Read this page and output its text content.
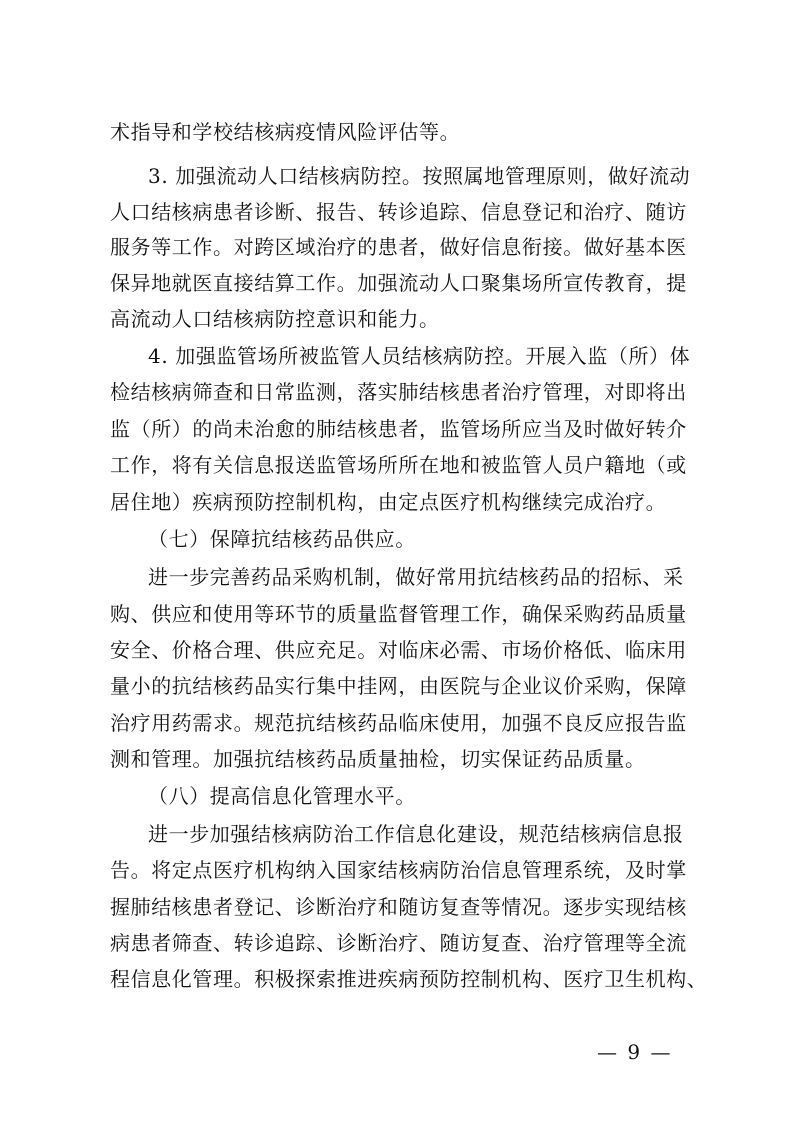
术指导和学校结核病疫情风险评估等。
3. 加强流动人口结核病防控。按照属地管理原则，做好流动
人口结核病患者诊断、报告、转诊追踪、信息登记和治疗、随访
服务等工作。对跨区域治疗的患者，做好信息衔接。做好基本医
保异地就医直接结算工作。加强流动人口聚集场所宣传教育，提
高流动人口结核病防控意识和能力。
4. 加强监管场所被监管人员结核病防控。开展入监（所）体
检结核病筛查和日常监测，落实肺结核患者治疗管理，对即将出
监（所）的尚未治愈的肺结核患者，监管场所应当及时做好转介
工作，将有关信息报送监管场所所在地和被监管人员户籍地（或
居住地）疾病预防控制机构，由定点医疗机构继续完成治疗。
（七）保障抗结核药品供应。
进一步完善药品采购机制，做好常用抗结核药品的招标、采
购、供应和使用等环节的质量监督管理工作，确保采购药品质量
安全、价格合理、供应充足。对临床必需、市场价格低、临床用
量小的抗结核药品实行集中挂网，由医院与企业议价采购，保障
治疗用药需求。规范抗结核药品临床使用，加强不良反应报告监
测和管理。加强抗结核药品质量抽检，切实保证药品质量。
（八）提高信息化管理水平。
进一步加强结核病防治工作信息化建设，规范结核病信息报
告。将定点医疗机构纳入国家结核病防治信息管理系统，及时掌
握肺结核患者登记、诊断治疗和随访复查等情况。逐步实现结核
病患者筛查、转诊追踪、诊断治疗、随访复查、治疗管理等全流
程信息化管理。积极探索推进疾病预防控制机构、医疗卫生机构、
— 9 —
